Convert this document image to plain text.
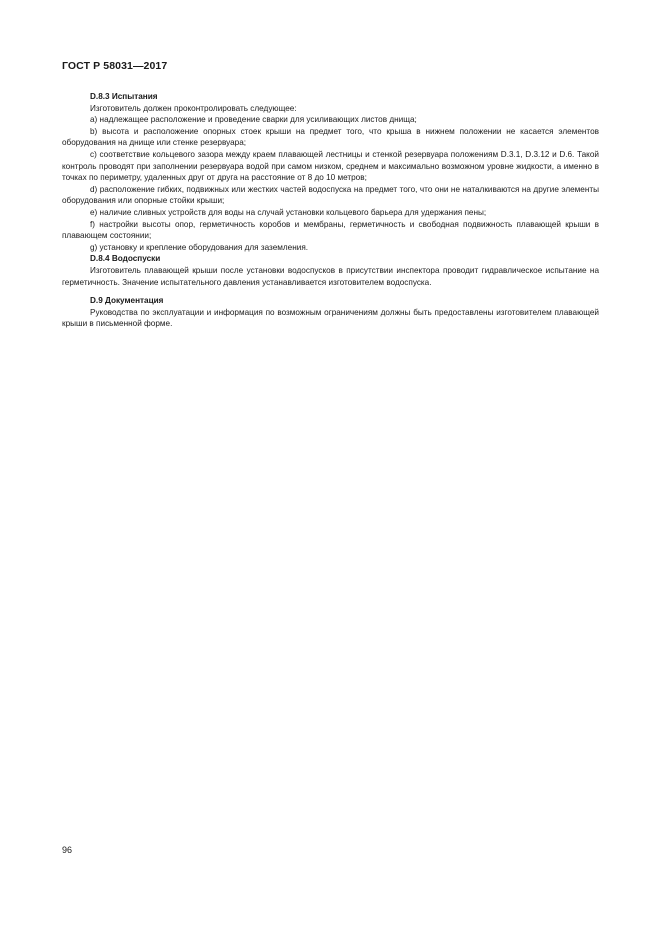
ГОСТ Р 58031—2017
D.8.3 Испытания

Изготовитель должен проконтролировать следующее:

a) надлежащее расположение и проведение сварки для усиливающих листов днища;

b) высота и расположение опорных стоек крыши на предмет того, что крыша в нижнем положении не касается элементов оборудования на днище или стенке резервуара;

c) соответствие кольцевого зазора между краем плавающей лестницы и стенкой резервуара положениям D.3.1, D.3.12 и D.6. Такой контроль проводят при заполнении резервуара водой при самом низком, среднем и максимально возможном уровне жидкости, а именно в точках по периметру, удаленных друг от друга на расстояние от 8 до 10 метров;

d) расположение гибких, подвижных или жестких частей водоспуска на предмет того, что они не наталкиваются на другие элементы оборудования или опорные стойки крыши;

e) наличие сливных устройств для воды на случай установки кольцевого барьера для удержания пены;

f) настройки высоты опор, герметичность коробов и мембраны, герметичность и свободная подвижность плавающей крыши в плавающем состоянии;

g) установку и крепление оборудования для заземления.

D.8.4 Водоспуски

Изготовитель плавающей крыши после установки водоспусков в присутствии инспектора проводит гидравлическое испытание на герметичность. Значение испытательного давления устанавливается изготовителем водоспуска.

D.9 Документация

Руководства по эксплуатации и информация по возможным ограничениям должны быть предоставлены изготовителем плавающей крыши в письменной форме.

96
